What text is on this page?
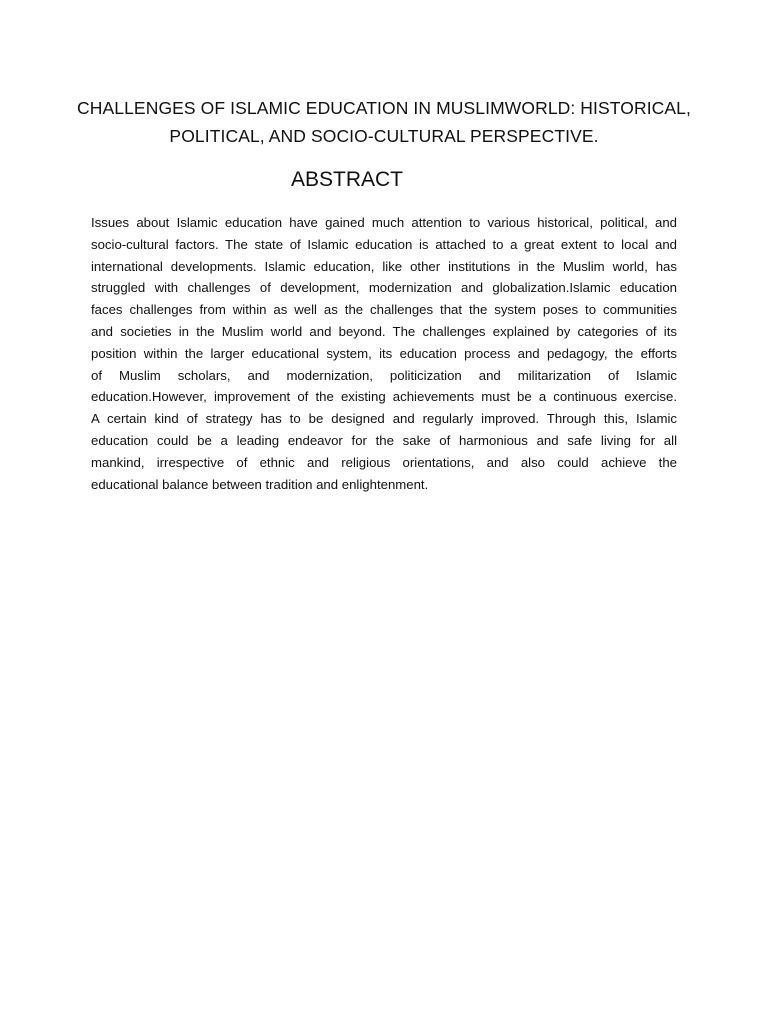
CHALLENGES OF ISLAMIC EDUCATION IN MUSLIMWORLD: HISTORICAL,
POLITICAL, AND SOCIO-CULTURAL PERSPECTIVE.
ABSTRACT

Issues about Islamic education have gained much attention to various historical, political, and
socio-cultural factors. The state of Islamic education is attached to a great extent to local and
international developments. Islamic education, like other institutions in the Muslim world, has
struggled with challenges of development, modernization and globalization.Islamic education
faces challenges from within as well as the challenges that the system poses to communities
and societies in the Muslim world and beyond. The challenges explained by categories of its
position within the larger educational system, its education process and pedagogy, the efforts
of Muslim scholars, and modernization, politicization and militarization of Islamic
education.However, improvement of the existing achievements must be a continuous exercise.
A certain kind of strategy has to be designed and regularly improved. Through this, Islamic
education could be a leading endeavor for the sake of harmonious and safe living for all
mankind, irrespective of ethnic and religious orientations, and also could achieve the
educational balance between tradition and enlightenment.
